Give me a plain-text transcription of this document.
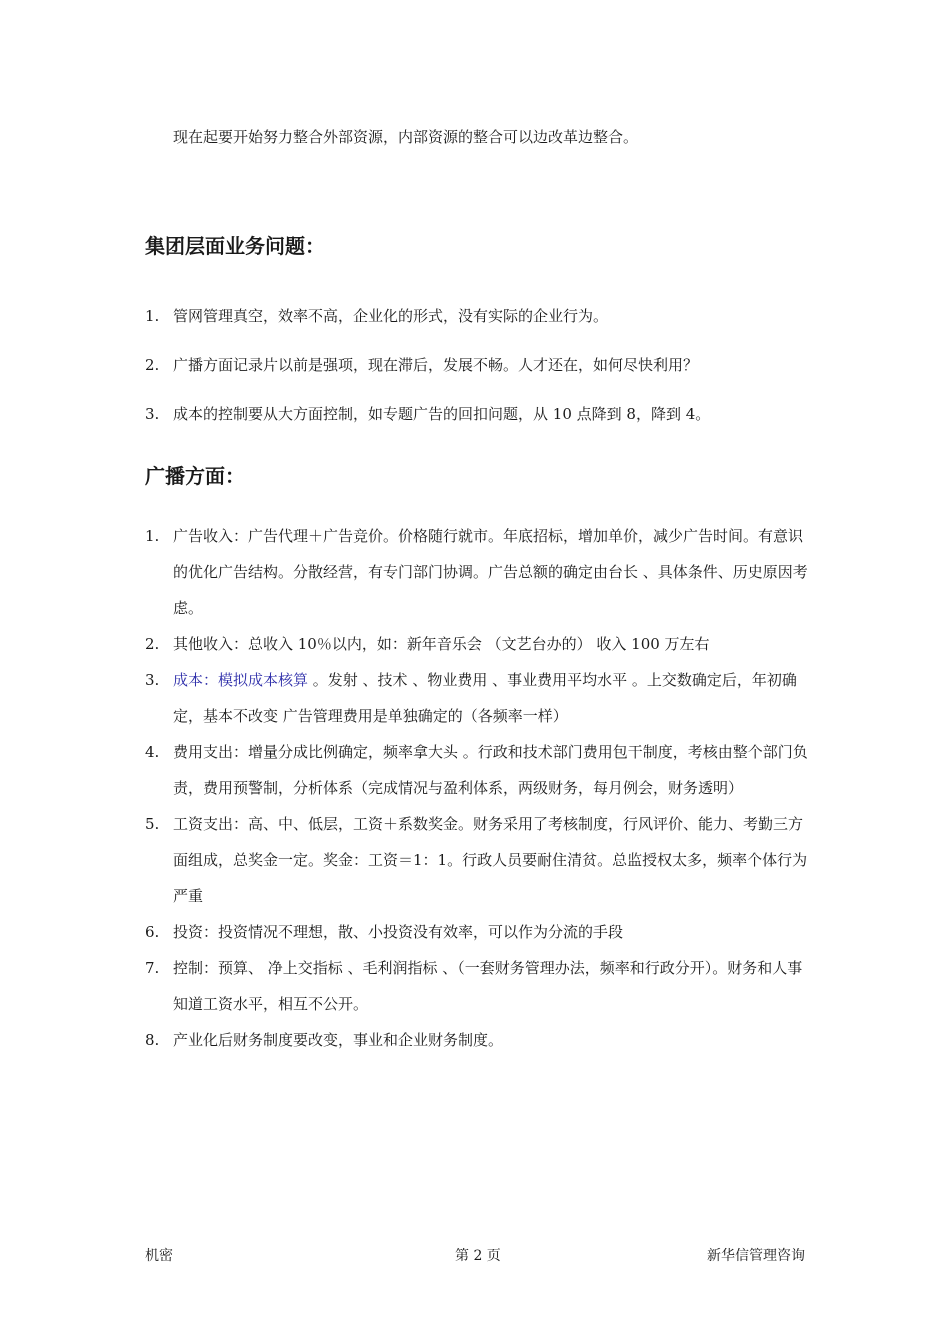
现在起要开始努力整合外部资源，内部资源的整合可以边改革边整合。
集团层面业务问题：
1. 管网管理真空，效率不高，企业化的形式，没有实际的企业行为。
2. 广播方面记录片以前是强项，现在滞后，发展不畅。人才还在，如何尽快利用？
3. 成本的控制要从大方面控制，如专题广告的回扣问题，从 10 点降到 8，降到 4。
广播方面：
1. 广告收入：广告代理＋广告竞价。价格随行就市。年底招标，增加单价，减少广告时间。有意识的优化广告结构。分散经营，有专门部门协调。广告总额的确定由台长 、具体条件、历史原因考虑。
2. 其他收入：总收入 10％以内，如：新年音乐会 （文艺台办的） 收入 100 万左右
3. 成本：模拟成本核算 。发射 、技术 、物业费用 、事业费用平均水平 。上交数确定后，年初确定，基本不改变 广告管理费用是单独确定的（各频率一样）
4. 费用支出：增量分成比例确定，频率拿大头 。行政和技术部门费用包干制度，考核由整个部门负责，费用预警制，分析体系（完成情况与盈利体系，两级财务，每月例会，财务透明）
5. 工资支出：高、中、低层，工资＋系数奖金。财务采用了考核制度，行风评价、能力、考勤三方面组成，总奖金一定。奖金：工资＝1：1。行政人员要耐住清贫。总监授权太多，频率个体行为严重
6. 投资：投资情况不理想，散、小投资没有效率，可以作为分流的手段
7. 控制：预算、 净上交指标 、毛利润指标 、（一套财务管理办法，频率和行政分开）。财务和人事知道工资水平，相互不公开。
8. 产业化后财务制度要改变，事业和企业财务制度。
机密	第 2 页	新华信管理咨询
